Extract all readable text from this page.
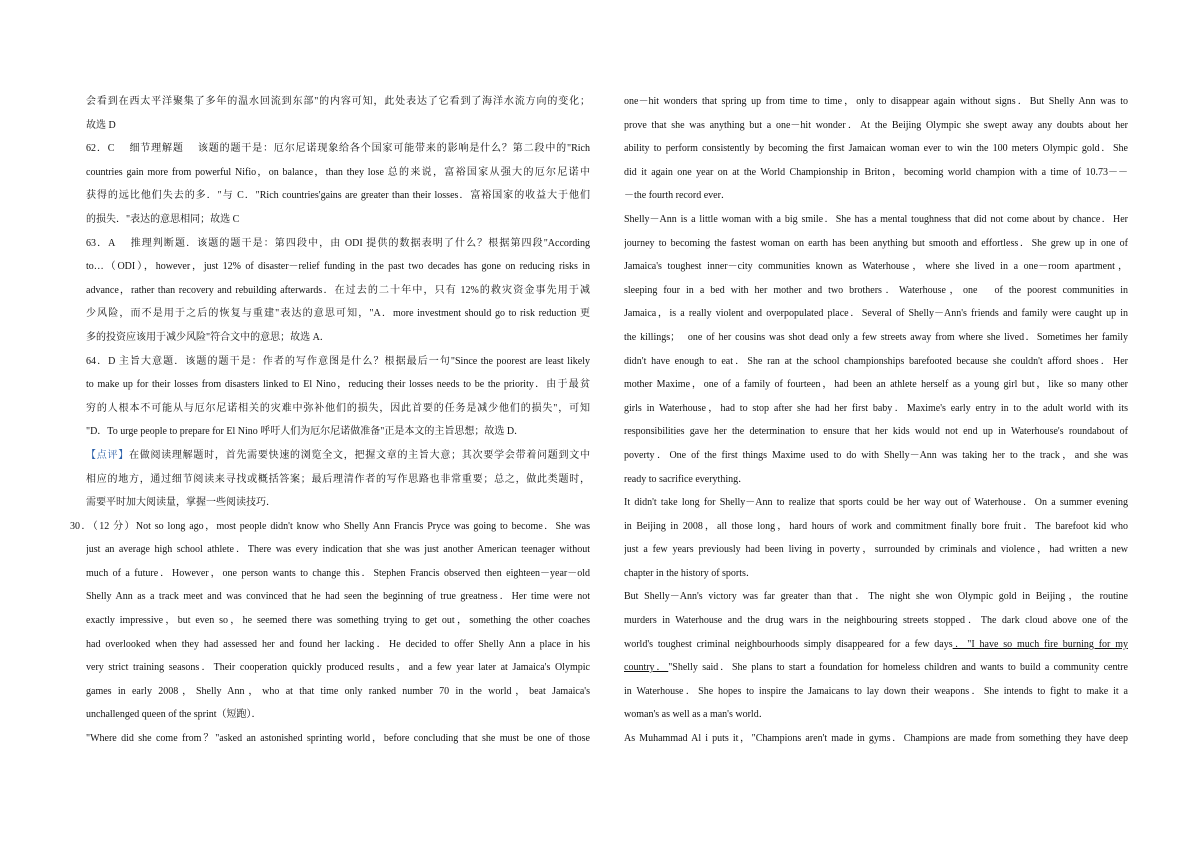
会看到在西太平洋聚集了多年的温水回流到东部"的内容可知，此处表达了它看到了海洋水流方向的变化；
故选 D
62．C　 细节理解题　 该题的题干是：厄尔尼诺现象给各个国家可能带来的影响是什么？第二段中的"Rich
countries gain more from powerful Nifio，on balance，than they lose 总的来说，富裕国家从强大的厄尔尼诺中
获得的远比他们失去的多．"与 C．"Rich countries'gains are greater than their losses．富裕国家的收益大于他们
的损失．"表达的意思相同；故选 C
63．A　 推理判断题．该题的题干是：第四段中，由 ODI 提供的数据表明了什么？根据第四段"According
to…（ODI），however，just 12% of disaster－relief funding in the past two decades has gone on reducing risks in
advance，rather than recovery and rebuilding afterwards．在过去的二十年中，只有 12%的救灾资金事先用于减
少风险，而不是用于之后的恢复与重建"表达的意思可知，"A．more investment should go to risk reduction 更
多的投资应该用于减少风险"符合文中的意思；故选 A．
64．D 主旨大意题．该题的题干是：作者的写作意图是什么？根据最后一句"Since the poorest are least likely
to make up for their losses from disasters linked to El Nino，reducing their losses needs to be the priority．由于最贫
穷的人根本不可能从与厄尔尼诺相关的灾难中弥补他们的损失，因此首要的任务是减少他们的损失"，可知
"D．To urge people to prepare for El Nino 呼吁人们为厄尔尼诺做准备"正是本文的主旨思想；故选 D．
【点评】在做阅读理解题时，首先需要快速的浏览全文，把握文章的主旨大意；其次要学会带着问题到文中
相应的地方，通过细节阅读来寻找或概括答案；最后理清作者的写作思路也非常重要；总之，做此类题时，
需要平时加大阅读量，掌握一些阅读技巧．
30．（12 分）Not so long ago，most people didn't know who Shelly Ann Francis Pryce was going to become．She was
just an average high school athlete．There was every indication that she was just another American teenager without
much of a future．However，one person wants to change this．Stephen Francis observed then eighteen－year－old
Shelly Ann as a track meet and was convinced that he had seen the beginning of true greatness．Her time were not
exactly impressive，but even so，he seemed there was something trying to get out，something the other coaches
had overlooked when they had assessed her and found her lacking．He decided to offer Shelly Ann a place in his
very strict training seasons．Their cooperation quickly produced results，and a few year later at Jamaica's Olympic
games in early 2008，Shelly Ann，who at that time only ranked number 70 in the world，beat Jamaica's
unchallenged queen of the sprint（短跑）．
"Where did she come from？"asked an astonished sprinting world，before concluding that she must be one of those
one－hit wonders that spring up from time to time，only to disappear again without signs．But Shelly Ann was to
prove that she was anything but a one－hit wonder．At the Beijing Olympic she swept away any doubts about her
ability to perform consistently by becoming the first Jamaican woman ever to win the 100 meters Olympic gold．She
did it again one year on at the World Championship in Briton，becoming world champion with a time of 10.73－－
－the fourth record ever．
Shelly－Ann is a little woman with a big smile．She has a mental toughness that did not come about by chance．Her
journey to becoming the fastest woman on earth has been anything but smooth and effortless．She grew up in one of
Jamaica's toughest inner－city communities known as Waterhouse，where she lived in a one－room apartment，
sleeping four in a bed with her mother and two brothers．Waterhouse，one　of the poorest communities in
Jamaica，is a really violent and overpopulated place．Several of Shelly－Ann's friends and family were caught up in
the killings；　one of her cousins was shot dead only a few streets away from where she lived．Sometimes her family
didn't have enough to eat．She ran at the school championships barefooted because she couldn't afford shoes．Her
mother Maxime，one of a family of fourteen，had been an athlete herself as a young girl but，like so many other
girls in Waterhouse，had to stop after she had her first baby．Maxime's early entry in to the adult world with its
responsibilities gave her the determination to ensure that her kids would not end up in Waterhouse's roundabout of
poverty．One of the first things Maxime used to do with Shelly－Ann was taking her to the track，and she was
ready to sacrifice everything．
It didn't take long for Shelly－Ann to realize that sports could be her way out of Waterhouse．On a summer evening
in Beijing in 2008，all those long，hard hours of work and commitment finally bore fruit．The barefoot kid who
just a few years previously had been living in poverty，surrounded by criminals and violence，had written a new
chapter in the history of sports．
But Shelly－Ann's victory was far greater than that．The night she won Olympic gold in Beijing，the routine
murders in Waterhouse and the drug wars in the neighbouring streets stopped．The dark cloud above one of the
world's toughest criminal neighbourhoods simply disappeared for a few days．"I have so much fire burning for my
country．"Shelly said．She plans to start a foundation for homeless children and wants to build a community centre
in Waterhouse．She hopes to inspire the Jamaicans to lay down their weapons．She intends to fight to make it a
woman's as well as a man's world．
As Muhammad Al i puts it，"Champions aren't made in gyms．Champions are made from something they have deep
